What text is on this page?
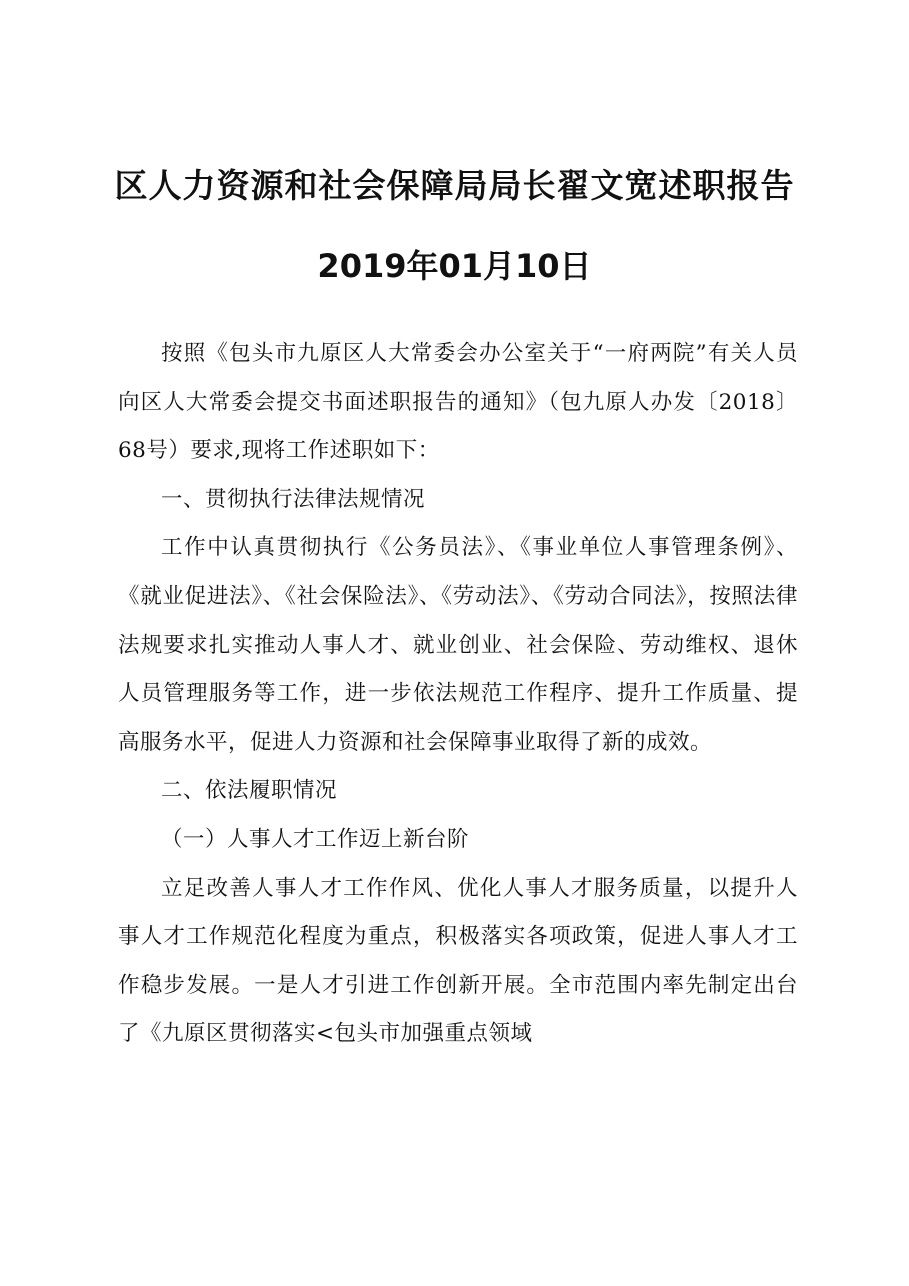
区人力资源和社会保障局局长翟文宽述职报告
2019年01月10日

按照《包头市九原区人大常委会办公室关于“一府两院”有关人员向区人大常委会提交书面述职报告的通知》（包九原人办发〔2018〕68号）要求,现将工作述职如下：

一、贯彻执行法律法规情况

工作中认真贯彻执行《公务员法》、《事业单位人事管理条例》、《就业促进法》、《社会保险法》、《劳动法》、《劳动合同法》，按照法律法规要求扎实推动人事人才、就业创业、社会保险、劳动维权、退休人员管理服务等工作，进一步依法规范工作程序、提升工作质量、提高服务水平，促进人力资源和社会保障事业取得了新的成效。

二、依法履职情况

（一）人事人才工作迈上新台阶

立足改善人事人才工作作风、优化人事人才服务质量，以提升人事人才工作规范化程度为重点，积极落实各项政策，促进人事人才工作稳步发展。一是人才引进工作创新开展。全市范围内率先制定出台了《九原区贯彻落实<包头市加强重点领域
